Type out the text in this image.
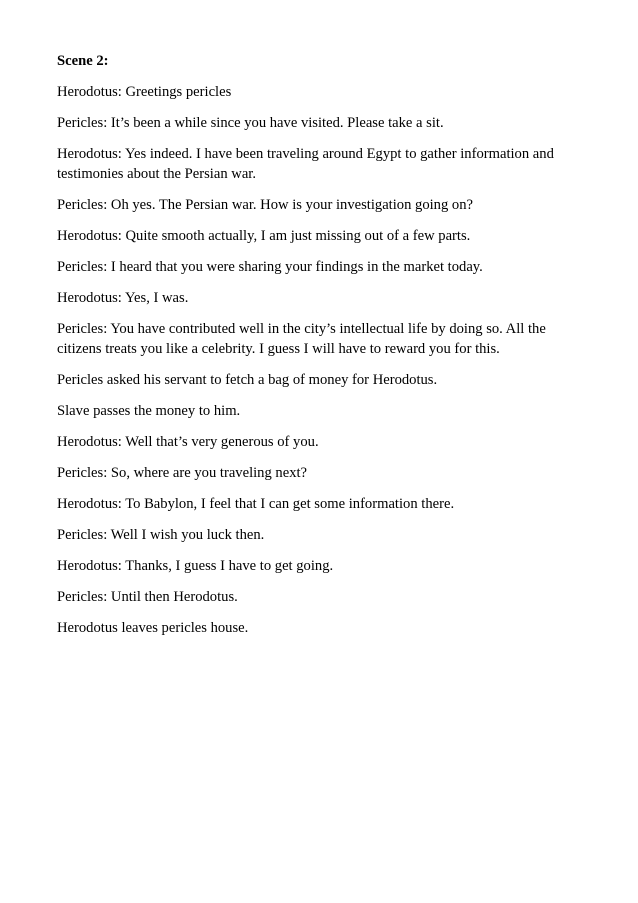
Scene 2:
Herodotus: Greetings pericles
Pericles: It’s been a while since you have visited. Please take a sit.
Herodotus: Yes indeed. I have been traveling around Egypt to gather information and testimonies about the Persian war.
Pericles: Oh yes. The Persian war. How is your investigation going on?
Herodotus: Quite smooth actually, I am just missing out of a few parts.
Pericles: I heard that you were sharing your findings in the market today.
Herodotus: Yes, I was.
Pericles: You have contributed well in the city’s intellectual life by doing so. All the citizens treats you like a celebrity. I guess I will have to reward you for this.
Pericles asked his servant to fetch a bag of money for Herodotus.
Slave passes the money to him.
Herodotus: Well that’s very generous of you.
Pericles: So, where are you traveling next?
Herodotus: To Babylon, I feel that I can get some information there.
Pericles: Well I wish you luck then.
Herodotus: Thanks, I guess I have to get going.
Pericles: Until then Herodotus.
Herodotus leaves pericles house.
